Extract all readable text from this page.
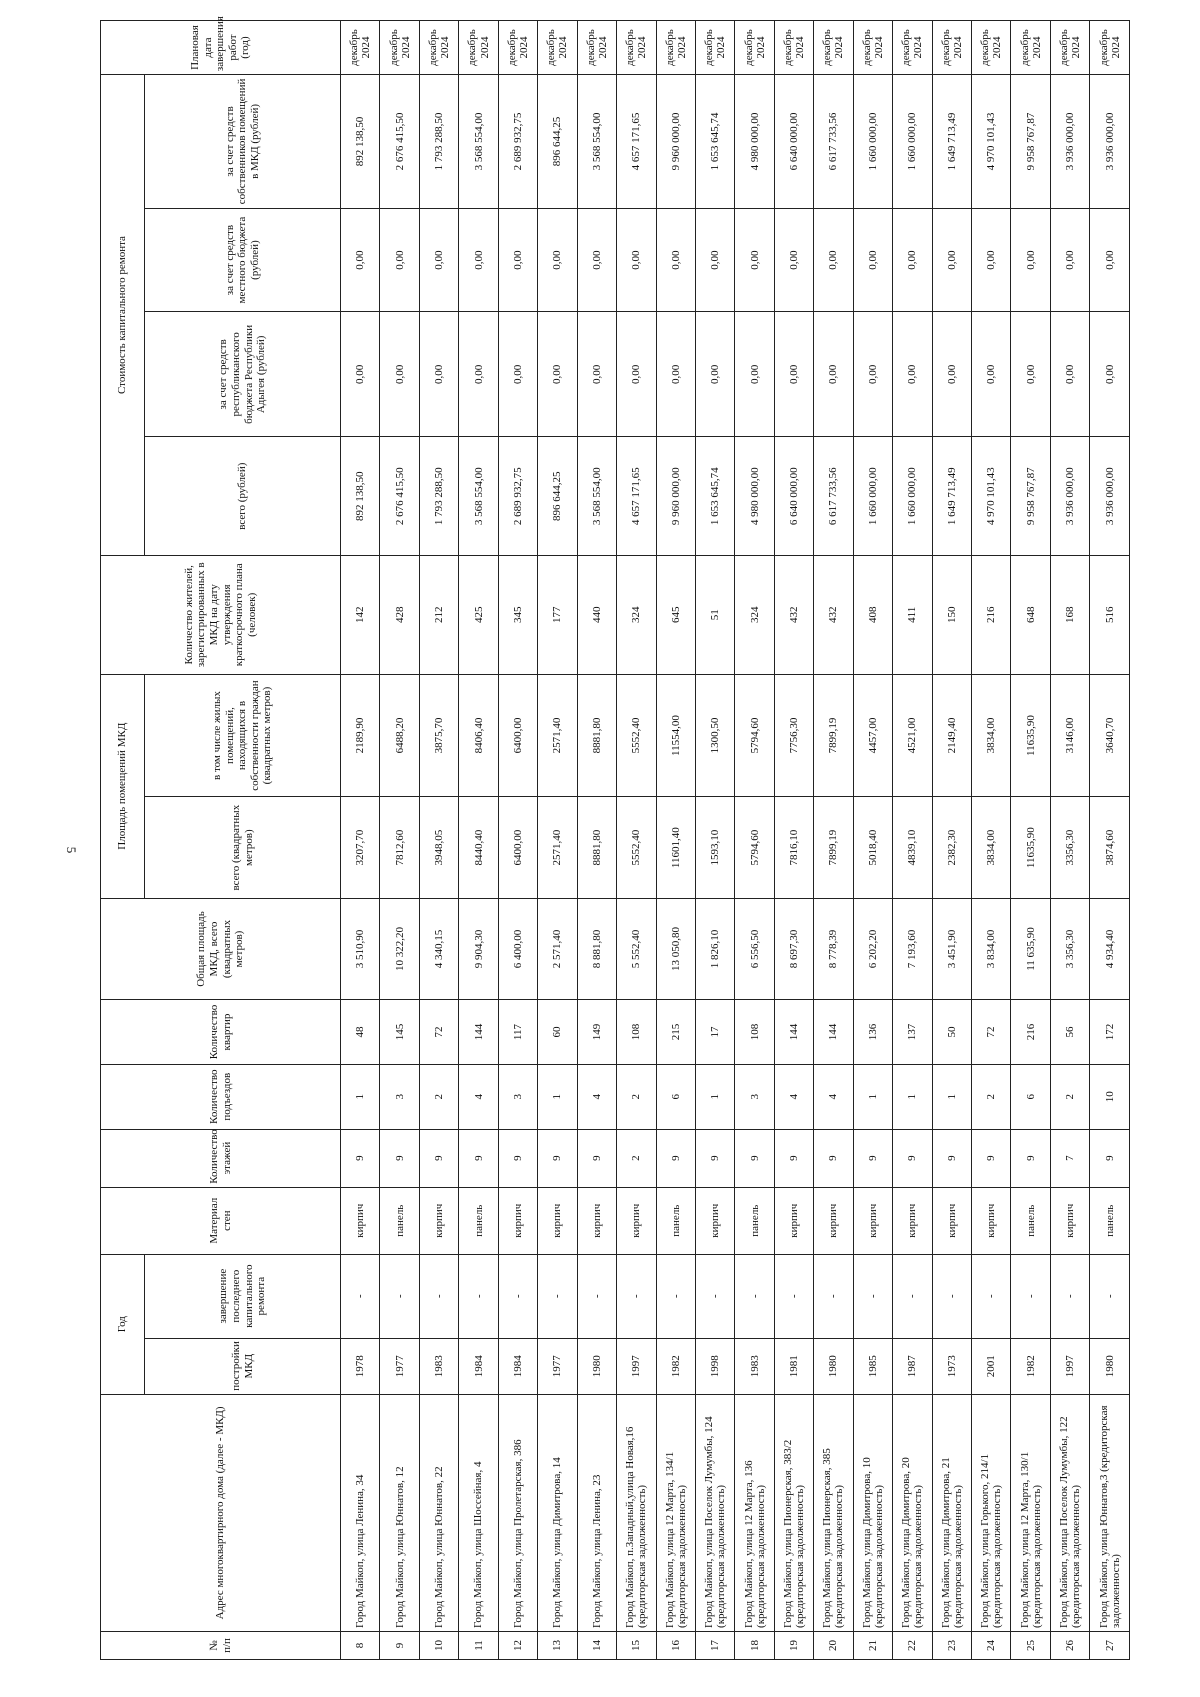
5
№ п/п	Адрес многоквартирного дома (далее - МКД)	Год		Материал стен	Количество этажей	Количество подъездов	Количество квартир	Общая площадь МКД, всего (квадратных метров)	Площадь помещений МКД		Количество жителей, зарегистрированных в МКД на дату утверждения краткосрочного плана (человек)	Стоимость капитального ремонта				Плановая дата завершения работ (год)
		постройки МКД	завершение последнего капитального ремонта						всего (квадратных метров)	в том числе жилых помещений, находящихся в собственности граждан (квадратных метров)		всего (рублей)	за счет средств республиканского бюджета Республики Адыгея (рублей)	за счет средств местного бюджета (рублей)	за счет средств собственников помещений в МКД (рублей)	
8	Город Майкоп, улица Ленина, 34	1978	-	кирпич	9	1	48	3 510,90	3207,70	2189,90	142	892 138,50	0,00	0,00	892 138,50	декабрь 2024
9	Город Майкоп, улица Юннатов, 12	1977	-	панель	9	3	145	10 322,20	7812,60	6488,20	428	2 676 415,50	0,00	0,00	2 676 415,50	декабрь 2024
10	Город Майкоп, улица Юннатов, 22	1983	-	кирпич	9	2	72	4 340,15	3948,05	3875,70	212	1 793 288,50	0,00	0,00	1 793 288,50	декабрь 2024
11	Город Майкоп, улица Шоссейная, 4	1984	-	панель	9	4	144	9 904,30	8440,40	8406,40	425	3 568 554,00	0,00	0,00	3 568 554,00	декабрь 2024
12	Город Майкоп, улица Пролетарская, 386	1984	-	кирпич	9	3	117	6 400,00	6400,00	6400,00	345	2 689 932,75	0,00	0,00	2 689 932,75	декабрь 2024
13	Город Майкоп, улица Димитрова, 14	1977	-	кирпич	9	1	60	2 571,40	2571,40	2571,40	177	896 644,25	0,00	0,00	896 644,25	декабрь 2024
14	Город Майкоп, улица Ленина, 23	1980	-	кирпич	9	4	149	8 881,80	8881,80	8881,80	440	3 568 554,00	0,00	0,00	3 568 554,00	декабрь 2024
15	Город Майкоп, п.Западный,улица Новая,16 (кредиторская задолженность)	1997	-	кирпич	2	2	108	5 552,40	5552,40	5552,40	324	4 657 171,65	0,00	0,00	4 657 171,65	декабрь 2024
16	Город Майкоп, улица 12 Марта, 134/1 (кредиторская задолженность)	1982	-	панель	9	6	215	13 050,80	11601,40	11554,00	645	9 960 000,00	0,00	0,00	9 960 000,00	декабрь 2024
17	Город Майкоп, улица Поселок Лумумбы, 124 (кредиторская задолженность)	1998	-	кирпич	9	1	17	1 826,10	1593,10	1300,50	51	1 653 645,74	0,00	0,00	1 653 645,74	декабрь 2024
18	Город Майкоп, улица 12 Марта, 136 (кредиторская задолженность)	1983	-	панель	9	3	108	6 556,50	5794,60	5794,60	324	4 980 000,00	0,00	0,00	4 980 000,00	декабрь 2024
19	Город Майкоп, улица Пионерская, 383/2 (кредиторская задолженность)	1981	-	кирпич	9	4	144	8 697,30	7816,10	7756,30	432	6 640 000,00	0,00	0,00	6 640 000,00	декабрь 2024
20	Город Майкоп, улица Пионерская, 385 (кредиторская задолженность)	1980	-	кирпич	9	4	144	8 778,39	7899,19	7899,19	432	6 617 733,56	0,00	0,00	6 617 733,56	декабрь 2024
21	Город Майкоп, улица Димитрова, 10 (кредиторская задолженность)	1985	-	кирпич	9	1	136	6 202,20	5018,40	4457,00	408	1 660 000,00	0,00	0,00	1 660 000,00	декабрь 2024
22	Город Майкоп, улица Димитрова, 20 (кредиторская задолженность)	1987	-	кирпич	9	1	137	7 193,60	4839,10	4521,00	411	1 660 000,00	0,00	0,00	1 660 000,00	декабрь 2024
23	Город Майкоп, улица Димитрова, 21 (кредиторская задолженность)	1973	-	кирпич	9	1	50	3 451,90	2382,30	2149,40	150	1 649 713,49	0,00	0,00	1 649 713,49	декабрь 2024
24	Город Майкоп, улица Горького, 214/1 (кредиторская задолженность)	2001	-	кирпич	9	2	72	3 834,00	3834,00	3834,00	216	4 970 101,43	0,00	0,00	4 970 101,43	декабрь 2024
25	Город Майкоп, улица 12 Марта, 130/1 (кредиторская задолженность)	1982	-	панель	9	6	216	11 635,90	11635,90	11635,90	648	9 958 767,87	0,00	0,00	9 958 767,87	декабрь 2024
26	Город Майкоп, улица Поселок Лумумбы, 122 (кредиторская задолженность)	1997	-	кирпич	7	2	56	3 356,30	3356,30	3146,00	168	3 936 000,00	0,00	0,00	3 936 000,00	декабрь 2024
27	Город Майкоп, улица Юннатов,3 (кредиторская задолженность)	1980	-	панель	9	10	172	4 934,40	3874,60	3640,70	516	3 936 000,00	0,00	0,00	3 936 000,00	декабрь 2024
